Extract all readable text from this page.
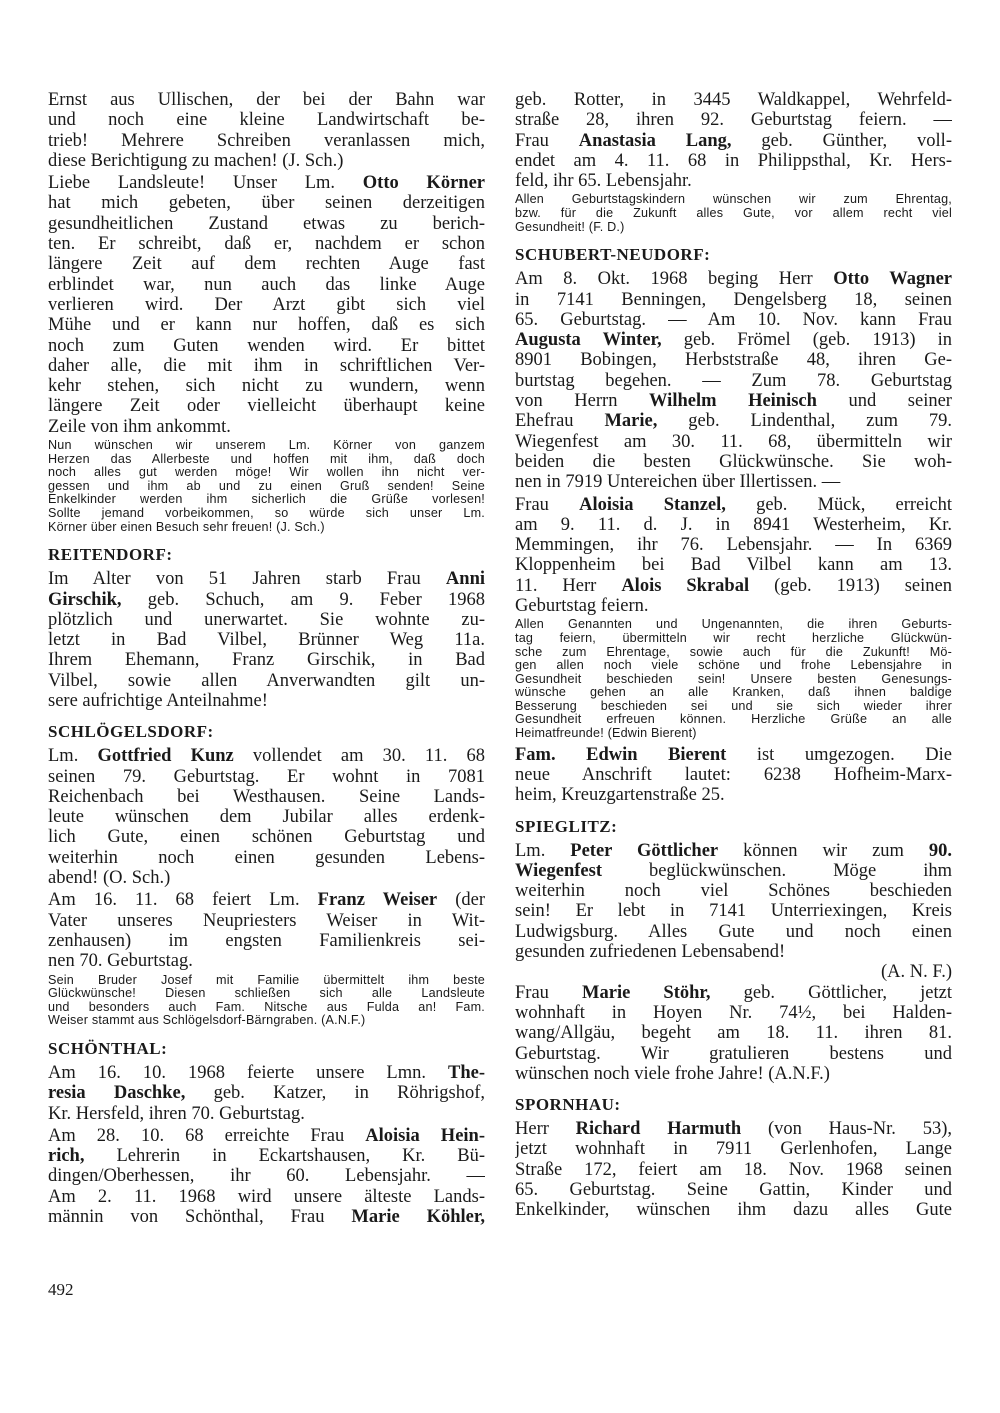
Ernst aus Ullischen, der bei der Bahn war
und noch eine kleine Landwirtschaft be-
trieb! Mehrere Schreiben veranlassen mich,
diese Berichtigung zu machen! (J. Sch.)
Liebe Landsleute! Unser Lm. Otto Körner
hat mich gebeten, über seinen derzeitigen
gesundheitlichen Zustand etwas zu berich-
ten. Er schreibt, daß er, nachdem er schon
längere Zeit auf dem rechten Auge fast
erblindet war, nun auch das linke Auge
verlieren wird. Der Arzt gibt sich viel
Mühe und er kann nur hoffen, daß es sich
noch zum Guten wenden wird. Er bittet
daher alle, die mit ihm in schriftlichen Ver-
kehr stehen, sich nicht zu wundern, wenn
längere Zeit oder vielleicht überhaupt keine
Zeile von ihm ankommt.
Nun wünschen wir unserem Lm. Körner von ganzem
Herzen das Allerbeste und hoffen mit ihm, daß doch
noch alles gut werden möge! Wir wollen ihn nicht ver-
gessen und ihm ab und zu einen Gruß senden! Seine
Enkelkinder werden ihm sicherlich die Grüße vorlesen!
Sollte jemand vorbeikommen, so würde sich unser Lm.
Körner über einen Besuch sehr freuen! (J. Sch.)
REITENDORF:
Im Alter von 51 Jahren starb Frau Anni
Girschik, geb. Schuch, am 9. Feber 1968
plötzlich und unerwartet. Sie wohnte zu-
letzt in Bad Vilbel, Brünner Weg 11a.
Ihrem Ehemann, Franz Girschik, in Bad
Vilbel, sowie allen Anverwandten gilt un-
sere aufrichtige Anteilnahme!
SCHLÖGELSDORF:
Lm. Gottfried Kunz vollendet am 30. 11. 68
seinen 79. Geburtstag. Er wohnt in 7081
Reichenbach bei Westhausen. Seine Lands-
leute wünschen dem Jubilar alles erdenk-
lich Gute, einen schönen Geburtstag und
weiterhin noch einen gesunden Lebens-
abend! (O. Sch.)
Am 16. 11. 68 feiert Lm. Franz Weiser (der
Vater unseres Neupriesters Weiser in Wit-
zenhausen) im engsten Familienkreis sei-
nen 70. Geburtstag.
Sein Bruder Josef mit Familie übermittelt ihm beste
Glückwünsche! Diesen schließen sich alle Landsleute
und besonders auch Fam. Nitsche aus Fulda an! Fam.
Weiser stammt aus Schlögelsdorf-Bärngraben. (A.N.F.)
SCHÖNTHAL:
Am 16. 10. 1968 feierte unsere Lmn. The-
resia Daschke, geb. Katzer, in Röhrigshof,
Kr. Hersfeld, ihren 70. Geburtstag.
Am 28. 10. 68 erreichte Frau Aloisia Hein-
rich, Lehrerin in Eckartshausen, Kr. Bü-
dingen/Oberhessen, ihr 60. Lebensjahr. —
Am 2. 11. 1968 wird unsere älteste Lands-
männin von Schönthal, Frau Marie Köhler,
geb. Rotter, in 3445 Waldkappel, Wehrfeld-
straße 28, ihren 92. Geburtstag feiern. —
Frau Anastasia Lang, geb. Günther, voll-
endet am 4. 11. 68 in Philippsthal, Kr. Hers-
feld, ihr 65. Lebensjahr.
Allen Geburtstagskindern wünschen wir zum Ehrentag,
bzw. für die Zukunft alles Gute, vor allem recht viel
Gesundheit! (F. D.)
SCHUBERT-NEUDORF:
Am 8. Okt. 1968 beging Herr Otto Wagner
in 7141 Benningen, Dengelsberg 18, seinen
65. Geburtstag. — Am 10. Nov. kann Frau
Augusta Winter, geb. Frömel (geb. 1913) in
8901 Bobingen, Herbststraße 48, ihren Ge-
burtstag begehen. — Zum 78. Geburtstag
von Herrn Wilhelm Heinisch und seiner
Ehefrau Marie, geb. Lindenthal, zum 79.
Wiegenfest am 30. 11. 68, übermitteln wir
beiden die besten Glückwünsche. Sie woh-
nen in 7919 Untereichen über Illertissen. —
Frau Aloisia Stanzel, geb. Mück, erreicht
am 9. 11. d. J. in 8941 Westerheim, Kr.
Memmingen, ihr 76. Lebensjahr. — In 6369
Kloppenheim bei Bad Vilbel kann am 13.
11. Herr Alois Skrabal (geb. 1913) seinen
Geburtstag feiern.
Allen Genannten und Ungenannten, die ihren Geburts-
tag feiern, übermitteln wir recht herzliche Glückwün-
sche zum Ehrentage, sowie auch für die Zukunft! Mö-
gen allen noch viele schöne und frohe Lebensjahre in
Gesundheit beschieden sein! Unsere besten Genesungs-
wünsche gehen an alle Kranken, daß ihnen baldige
Besserung beschieden sei und sie sich wieder ihrer
Gesundheit erfreuen können. Herzliche Grüße an alle
Heimatfreunde! (Edwin Bierent)
Fam. Edwin Bierent ist umgezogen. Die
neue Anschrift lautet: 6238 Hofheim-Marx-
heim, Kreuzgartenstraße 25.
SPIEGLITZ:
Lm. Peter Göttlicher können wir zum 90.
Wiegenfest beglückwünschen. Möge ihm
weiterhin noch viel Schönes beschieden
sein! Er lebt in 7141 Unterriexingen, Kreis
Ludwigsburg. Alles Gute und noch einen
gesunden zufriedenen Lebensabend!
(A. N. F.)
Frau Marie Stöhr, geb. Göttlicher, jetzt
wohnhaft in Hoyen Nr. 74½, bei Halden-
wang/Allgäu, begeht am 18. 11. ihren 81.
Geburtstag. Wir gratulieren bestens und
wünschen noch viele frohe Jahre! (A.N.F.)
SPORNHAU:
Herr Richard Harmuth (von Haus-Nr. 53),
jetzt wohnhaft in 7911 Gerlenhofen, Lange
Straße 172, feiert am 18. Nov. 1968 seinen
65. Geburtstag. Seine Gattin, Kinder und
Enkelkinder, wünschen ihm dazu alles Gute
492
